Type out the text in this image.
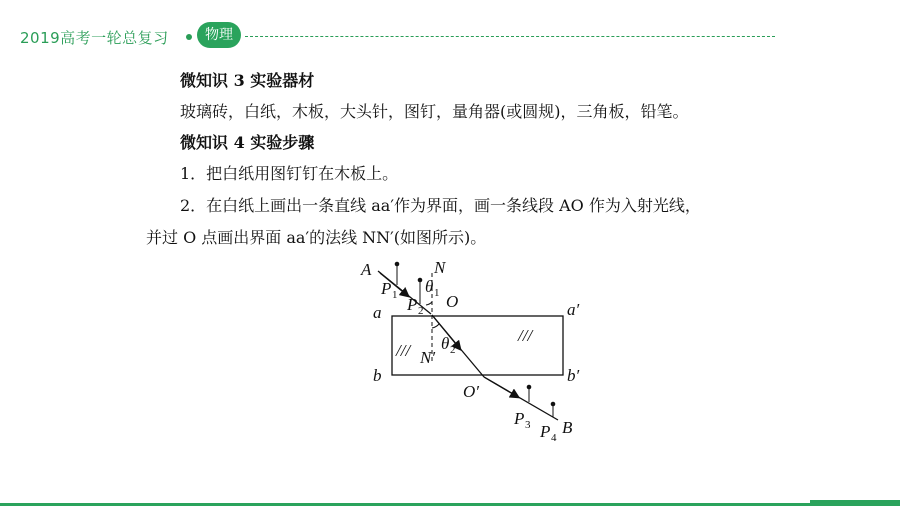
2019高考一轮总复习	物理
微知识 3 实验器材
玻璃砖，白纸，木板，大头针，图钉，量角器(或圆规)，三角板，铅笔。
微知识 4 实验步骤
1．把白纸用图钉钉在木板上。
2．在白纸上画出一条直线 aa′作为界面，画一条线段 AO 作为入射光线，
并过 O 点画出界面 aa′的法线 NN′(如图所示)。
A	N
P 1 θ 1
P 2 O
a	a′
///
/// N′
θ 2
b	b′
O′
P 3 P 4
B
